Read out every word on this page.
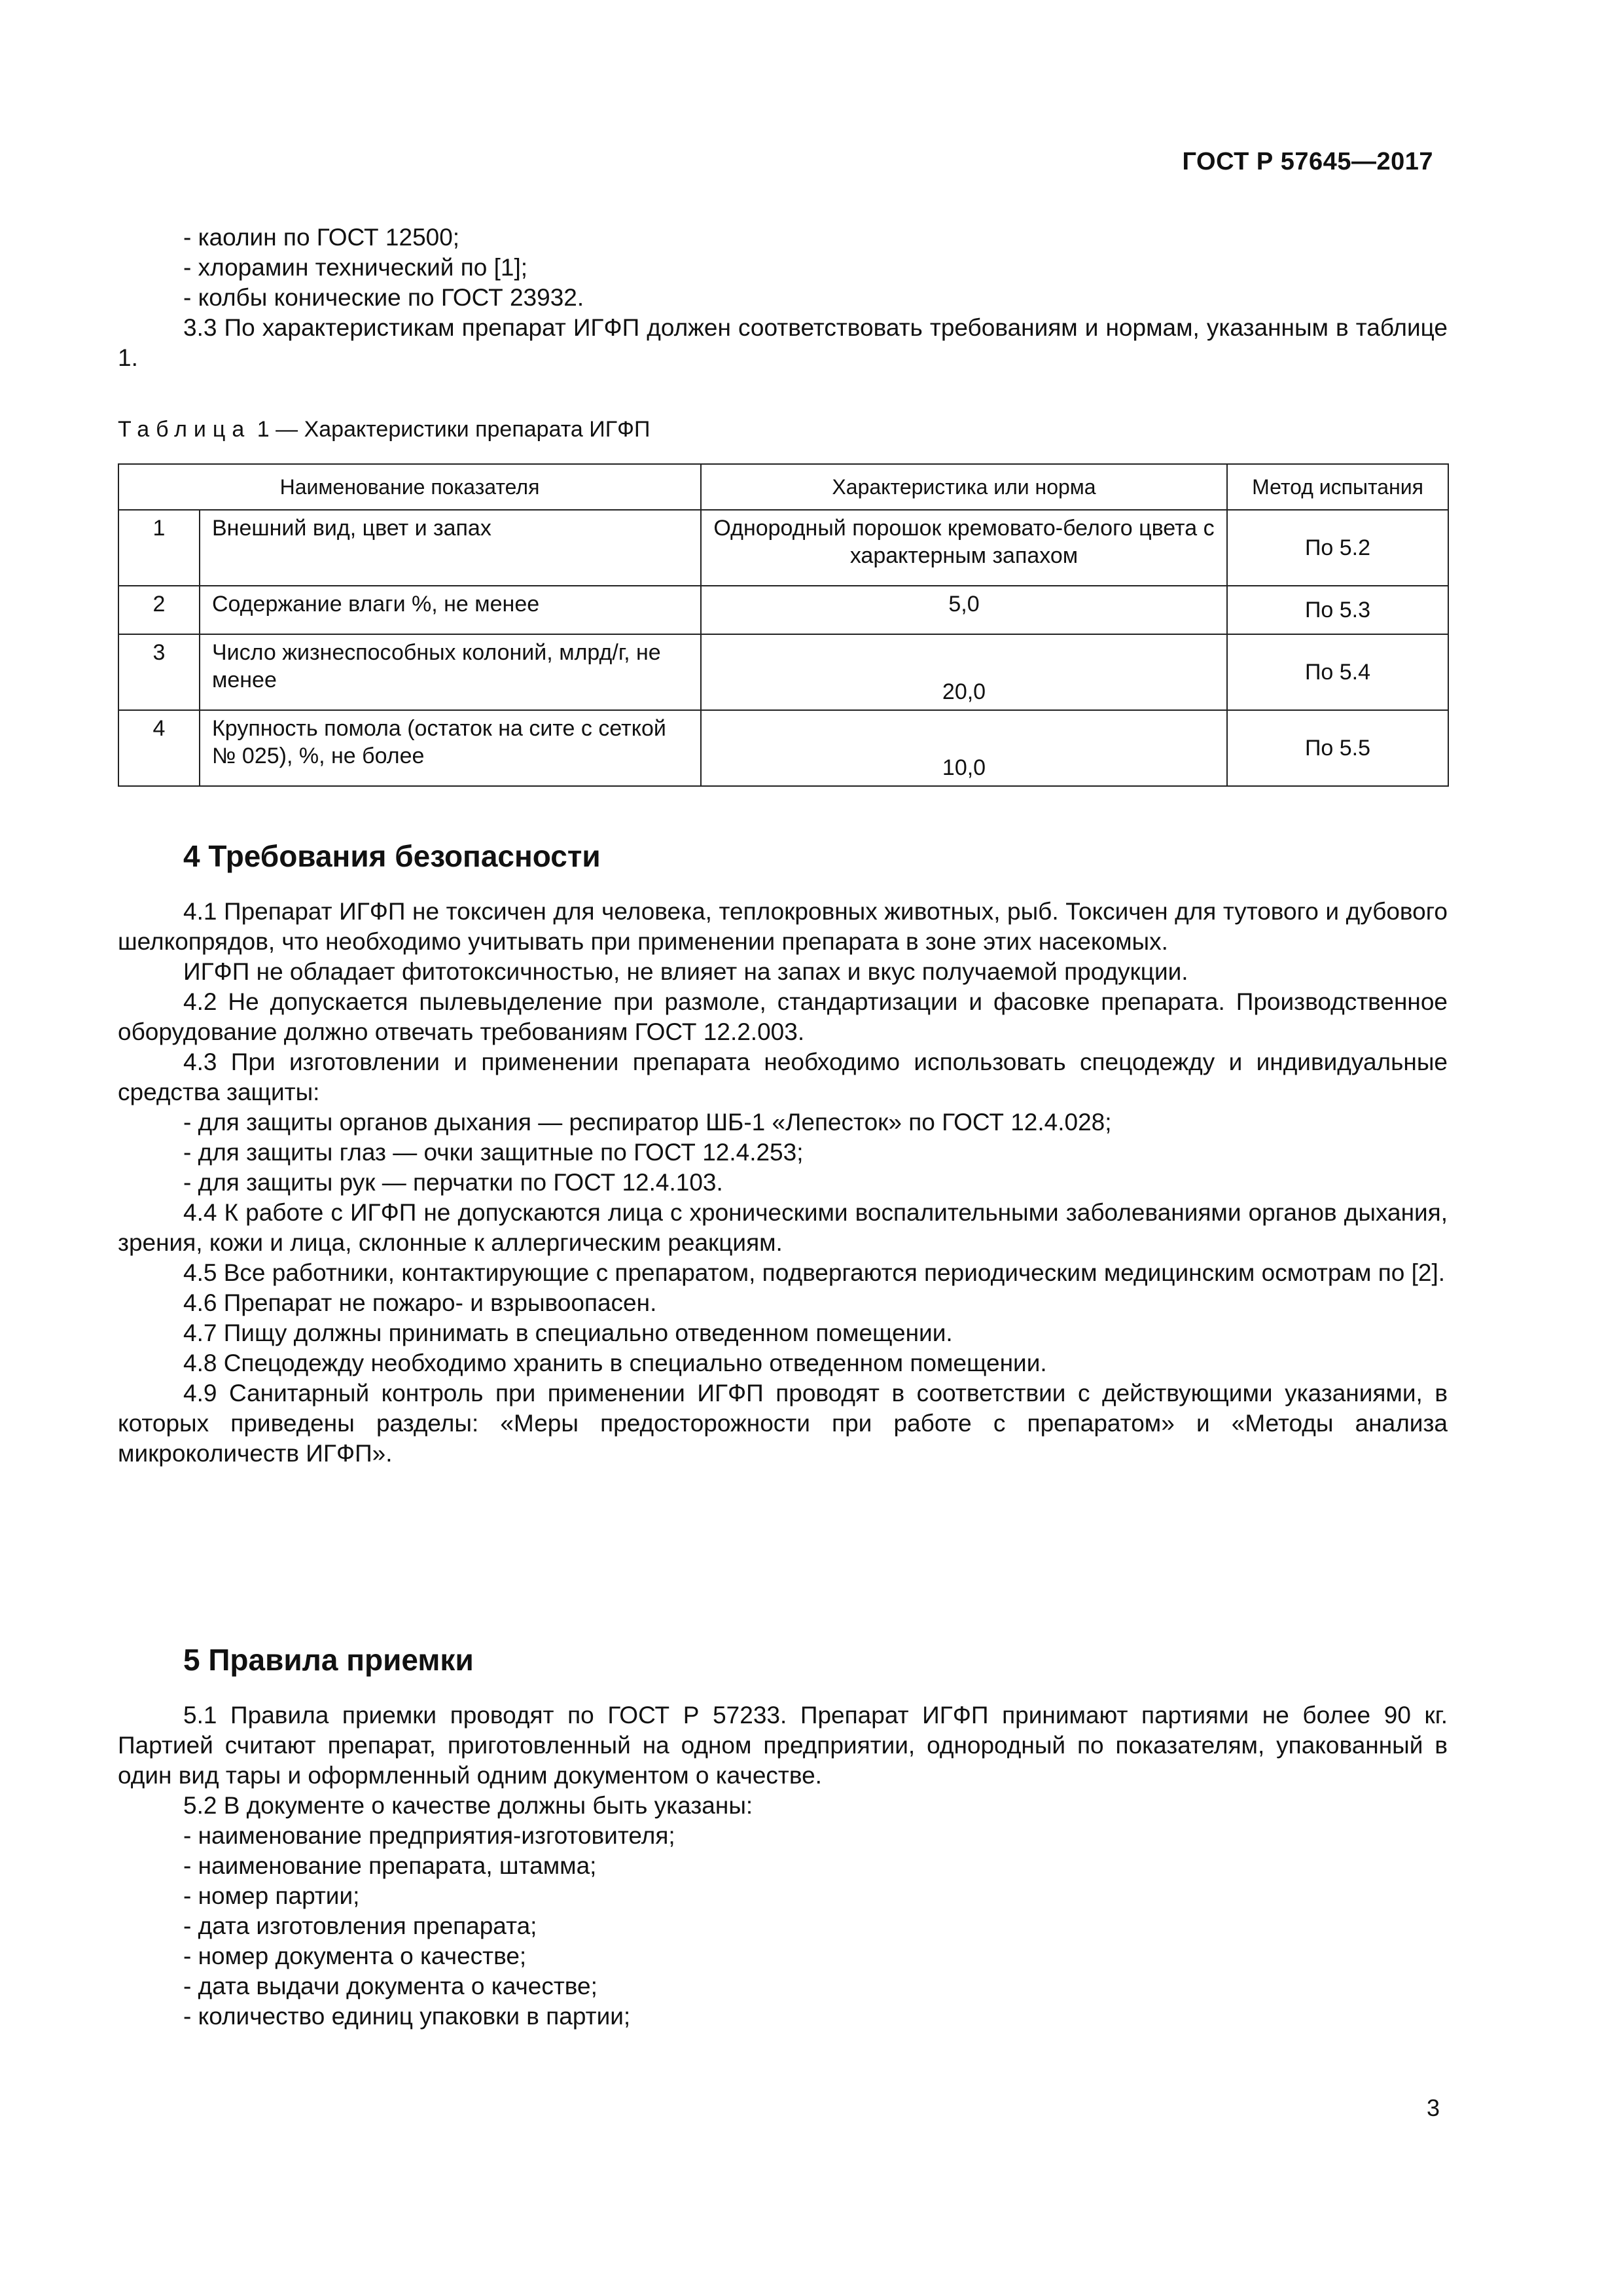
ГОСТ Р 57645—2017

- каолин по ГОСТ 12500;

- хлорамин технический по [1];

- колбы конические по ГОСТ 23932.

3.3 По характеристикам препарат ИГФП должен соответствовать требованиям и нормам, указанным в таблице 1.

Таблица 1 — Характеристики препарата ИГФП

Наименование показателя		Характеристика или норма	Метод испытания
1	Внешний вид, цвет и запах	Однородный порошок кремовато-белого цвета с характерным запахом	По 5.2
2	Содержание влаги %, не менее	5,0	По 5.3
3	Число жизнеспособных колоний, млрд/г, не менее	20,0	По 5.4
4	Крупность помола (остаток на сите с сеткой № 025), %, не более	10,0	По 5.5
4 Требования безопасности

4.1 Препарат ИГФП не токсичен для человека, теплокровных животных, рыб. Токсичен для тутового и дубового шелкопрядов, что необходимо учитывать при применении препарата в зоне этих насекомых.

ИГФП не обладает фитотоксичностью, не влияет на запах и вкус получаемой продукции.

4.2 Не допускается пылевыделение при размоле, стандартизации и фасовке препарата. Производственное оборудование должно отвечать требованиям ГОСТ 12.2.003.

4.3 При изготовлении и применении препарата необходимо использовать спецодежду и индивидуальные средства защиты:

- для защиты органов дыхания — респиратор ШБ-1 «Лепесток» по ГОСТ 12.4.028;

- для защиты глаз — очки защитные по ГОСТ 12.4.253;

- для защиты рук — перчатки по ГОСТ 12.4.103.

4.4 К работе с ИГФП не допускаются лица с хроническими воспалительными заболеваниями органов дыхания, зрения, кожи и лица, склонные к аллергическим реакциям.

4.5 Все работники, контактирующие с препаратом, подвергаются периодическим медицинским осмотрам по [2].

4.6 Препарат не пожаро- и взрывоопасен.

4.7 Пищу должны принимать в специально отведенном помещении.

4.8 Спецодежду необходимо хранить в специально отведенном помещении.

4.9 Санитарный контроль при применении ИГФП проводят в соответствии с действующими указаниями, в которых приведены разделы: «Меры предосторожности при работе с препаратом» и «Методы анализа микроколичеств ИГФП».

5 Правила приемки

5.1 Правила приемки проводят по ГОСТ Р 57233. Препарат ИГФП принимают партиями не более 90 кг. Партией считают препарат, приготовленный на одном предприятии, однородный по показателям, упакованный в один вид тары и оформленный одним документом о качестве.

5.2 В документе о качестве должны быть указаны:

- наименование предприятия-изготовителя;

- наименование препарата, штамма;

- номер партии;

- дата изготовления препарата;

- номер документа о качестве;

- дата выдачи документа о качестве;

- количество единиц упаковки в партии;

3
